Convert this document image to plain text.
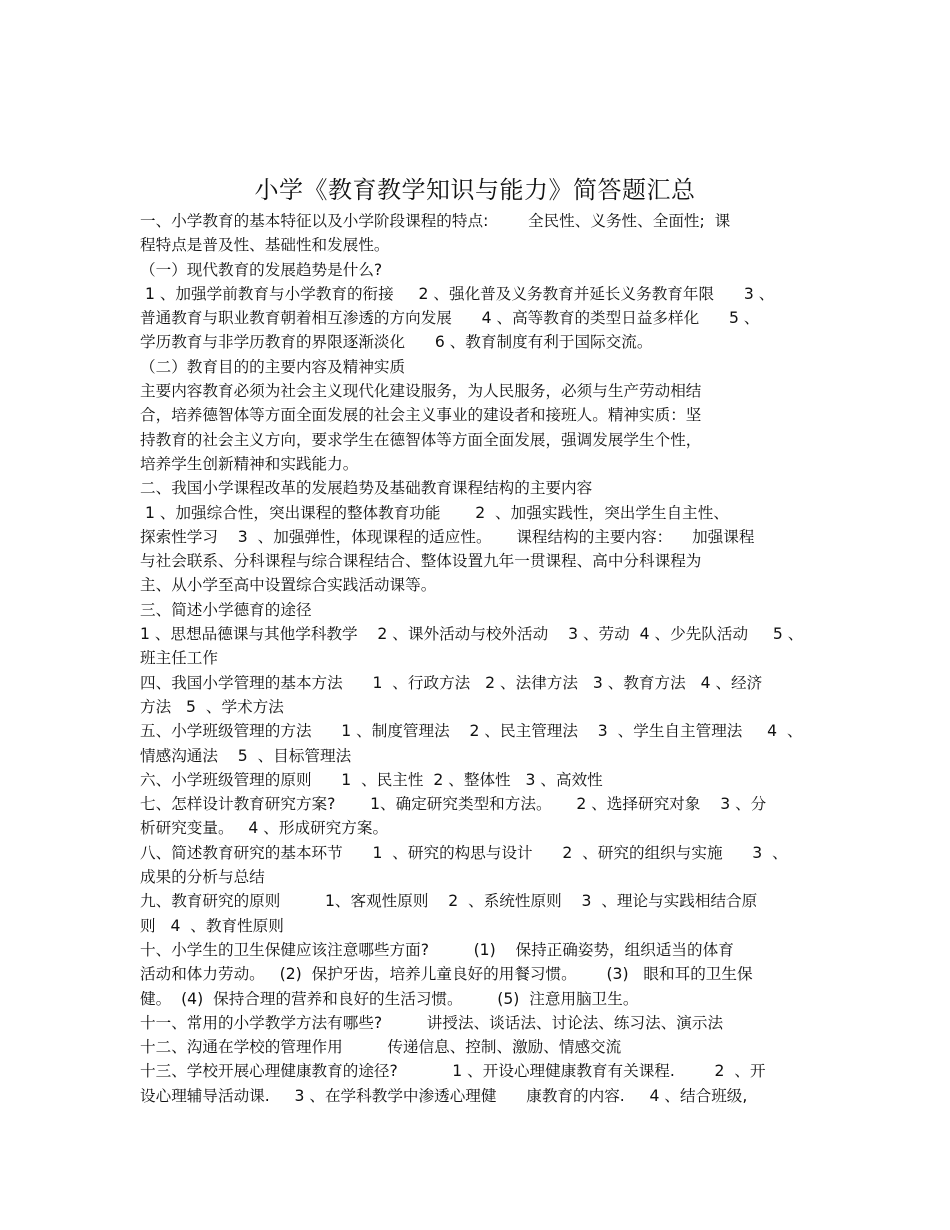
小学《教育教学知识与能力》简答题汇总
一、小学教育的基本特征以及小学阶段课程的特点:        全民性、义务性、全面性;  课
程特点是普及性、基础性和发展性。
（一）现代教育的发展趋势是什么?
1 、加强学前教育与小学教育的衔接     2 、强化普及义务教育并延长义务教育年限      3 、
普通教育与职业教育朝着相互渗透的方向发展      4 、高等教育的类型日益多样化      5 、
学历教育与非学历教育的界限逐渐淡化      6 、教育制度有利于国际交流。
（二）教育目的的主要内容及精神实质
主要内容教育必须为社会主义现代化建设服务，为人民服务，必须与生产劳动相结
合，培养德智体等方面全面发展的社会主义事业的建设者和接班人。精神实质：坚
持教育的社会主义方向，要求学生在德智体等方面全面发展，强调发展学生个性，
培养学生创新精神和实践能力。
二、我国小学课程改革的发展趋势及基础教育课程结构的主要内容
1 、加强综合性，突出课程的整体教育功能       2  、加强实践性，突出学生自主性、
探索性学习    3  、加强弹性，体现课程的适应性。     课程结构的主要内容：    加强课程
与社会联系、分科课程与综合课程结合、整体设置九年一贯课程、高中分科课程为
主、从小学至高中设置综合实践活动课等。
三、简述小学德育的途径
1 、思想品德课与其他学科教学    2 、课外活动与校外活动    3 、劳动  4 、少先队活动     5 、
班主任工作
四、我国小学管理的基本方法      1  、行政方法   2 、法律方法   3 、教育方法   4 、经济
方法   5  、学术方法
五、小学班级管理的方法      1 、制度管理法    2 、民主管理法    3  、学生自主管理法     4  、
情感沟通法    5  、目标管理法
六、小学班级管理的原则      1  、民主性  2 、整体性   3 、高效性
七、怎样设计教育研究方案?       1、确定研究类型和方法。     2 、选择研究对象    3 、分
析研究变量。   4 、形成研究方案。
八、简述教育研究的基本环节      1  、研究的构思与设计      2  、研究的组织与实施      3  、
成果的分析与总结
九、教育研究的原则         1、客观性原则    2  、系统性原则    3  、理论与实践相结合原
则   4  、教育性原则
十、小学生的卫生保健应该注意哪些方面?         (1)    保持正确姿势，组织适当的体育
活动和体力劳动。   (2)  保护牙齿，培养儿童良好的用餐习惯。      (3)   眼和耳的卫生保
健。  (4)  保持合理的营养和良好的生活习惯。       (5)  注意用脑卫生。
十一、常用的小学教学方法有哪些?         讲授法、谈话法、讨论法、练习法、演示法
十二、沟通在学校的管理作用         传递信息、控制、激励、情感交流
十三、学校开展心理健康教育的途径?           1 、开设心理健康教育有关课程.        2  、开
设心理辅导活动课.     3 、在学科教学中渗透心理健      康教育的内容.     4 、结合班级,
